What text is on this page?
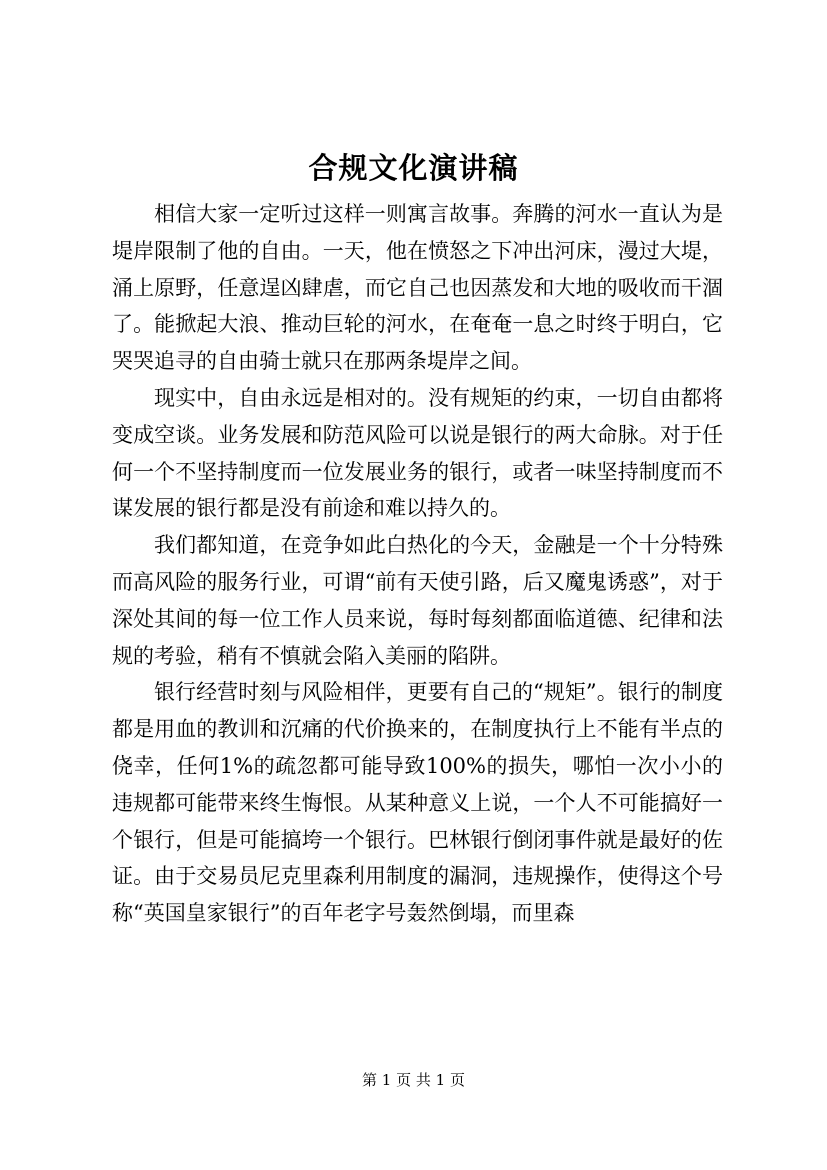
合规文化演讲稿

相信大家一定听过这样一则寓言故事。奔腾的河水一直认为是堤岸限制了他的自由。一天，他在愤怒之下冲出河床，漫过大堤，涌上原野，任意逞凶肆虐，而它自己也因蒸发和大地的吸收而干涸了。能掀起大浪、推动巨轮的河水，在奄奄一息之时终于明白，它哭哭追寻的自由骑士就只在那两条堤岸之间。

现实中，自由永远是相对的。没有规矩的约束，一切自由都将变成空谈。业务发展和防范风险可以说是银行的两大命脉。对于任何一个不坚持制度而一位发展业务的银行，或者一味坚持制度而不谋发展的银行都是没有前途和难以持久的。

我们都知道，在竞争如此白热化的今天，金融是一个十分特殊而高风险的服务行业，可谓“前有天使引路，后又魔鬼诱惑”，对于深处其间的每一位工作人员来说，每时每刻都面临道德、纪律和法规的考验，稍有不慎就会陷入美丽的陷阱。

银行经营时刻与风险相伴，更要有自己的“规矩”。银行的制度都是用血的教训和沉痛的代价换来的，在制度执行上不能有半点的侥幸，任何1%的疏忽都可能导致100%的损失，哪怕一次小小的违规都可能带来终生悔恨。从某种意义上说，一个人不可能搞好一个银行，但是可能搞垮一个银行。巴林银行倒闭事件就是最好的佐证。由于交易员尼克里森利用制度的漏洞，违规操作，使得这个号称“英国皇家银行”的百年老字号轰然倒塌，而里森

第 1 页 共 1 页
